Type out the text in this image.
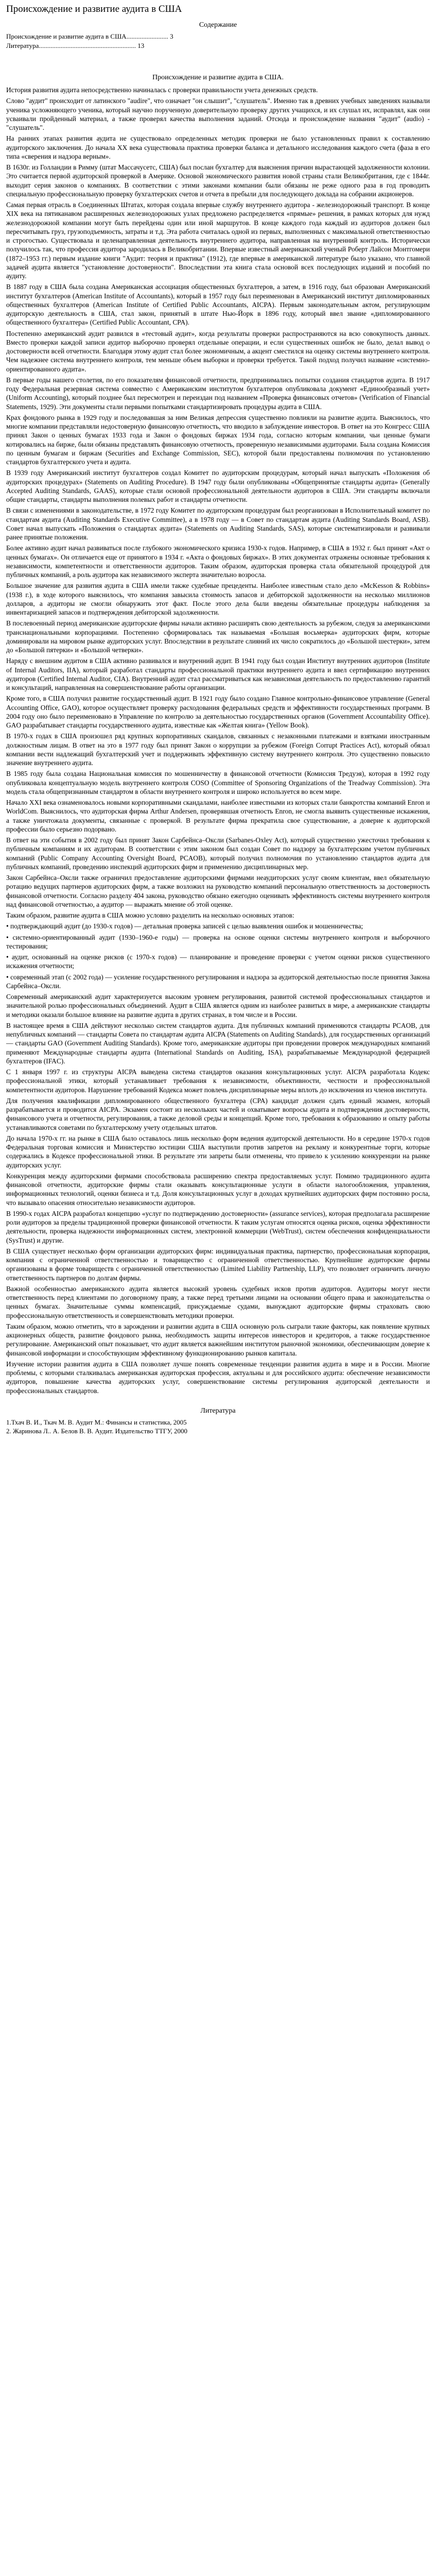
Происхождение и развитие аудита в США
Содержание
Происхождение и развитие аудита в США......................... 3
Литература.......................................................... 13
Происхождение и развитие аудита в США.

История развития аудита непосредственно начиналась с проверки правильности учета денежных средств.

Слово "аудит" происходит от латинского "audire", что означает "он слышит", "слушатель". Именно так в древних учебных заведениях называли ученика усложняющего ученика, который научно порученную доверительную проверку других учащихся, и их слушал их, исправлял, как они усваивали пройденный материал, а также проверял качества выполнения заданий. Отсюда и происхождение названия "аудит" (audio) - "слушатель".

На ранних этапах развития аудита не существовало определенных методик проверки не было установленных правил к составлению аудиторского заключения. До начала XX века существовала практика проверки баланса и детального исследования каждого счета (фаза в его типа «сверения и надзора верным».

В 1630г. из Голландии в Римму (штат Массачусетс, США) был послан бухгалтер для выяснения причин вырастающей задолженности колонии. Это считается первой аудиторской проверкой в Америке. Основой экономического развития новой страны стали Великобритания, где с 1844г. выходит серия законов о компаниях. В соответствии с этими законами компании были обязаны не реже одного раза в год проводить специальную профессиональную проверку бухгалтерских счетов и отчета в пребыли для последующего доклада на собрании акционеров.

Самая первая отрасль в Соединенных Штатах, которая создала впервые службу внутреннего аудитора - железнодорожный транспорт. В конце XIX века на пятиканавом расширенных железнодорожных узлах предложено распределяется «прямые» решения, в рамках которых для нужд железнодорожной компании могут быть перейдены один или иной маршрутов. В конце каждого года каждый из аудиторов должен был пересчитывать груз, грузоподъемность, затраты и т.д. Эта работа считалась одной из первых, выполненных с максимальной ответственностью и строгостью. Существовала и целенаправленная деятельность внутреннего аудитора, направленная на внутренний контроль. Исторически получилось так, что профессия аудитора зародилась в Великобритании. Впервые известный американский ученый Роберт Лайсон Монтгомери (1872–1953 гг.) первым издание книги "Аудит: теория и практика" (1912), где впервые в американской литературе было указано, что главной задачей аудита является "установление достоверности". Впоследствии эта книга стала основой всех последующих изданий и пособий по аудиту.

В 1887 году в США была создана Американская ассоциация общественных бухгалтеров, а затем, в 1916 году, был образован Американский институт бухгалтеров (American Institute of Accountants), который в 1957 году был переименован в Американский институт дипломированных общественных бухгалтеров (American Institute of Certified Public Accountants, AICPA). Первым законодательным актом, регулирующим аудиторскую деятельность в США, стал закон, принятый в штате Нью-Йорк в 1896 году, который ввел звание «дипломированного общественного бухгалтера» (Certified Public Accountant, CPA).

Постепенно американский аудит развился в «тестовый аудит», когда результаты проверки распространяются на всю совокупность данных. Вместо проверки каждой записи аудитор выборочно проверял отдельные операции, и если существенных ошибок не было, делал вывод о достоверности всей отчетности. Благодаря этому аудит стал более экономичным, а акцент сместился на оценку системы внутреннего контроля. Чем надежнее система внутреннего контроля, тем меньше объем выборки и проверки требуется. Такой подход получил название «системно-ориентированного аудита».

В первые годы нашего столетия, по его показателям финансовой отчетности, предпринимались попытки создания стандартов аудита. В 1917 году Федеральная резервная система совместно с Американским институтом бухгалтеров опубликовала документ «Единообразный учет» (Uniform Accounting), который позднее был пересмотрен и переиздан под названием «Проверка финансовых отчетов» (Verification of Financial Statements, 1929). Эти документы стали первыми попытками стандартизировать процедуры аудита в США.

Крах фондового рынка в 1929 году и последовавшая за ним Великая депрессия существенно повлияли на развитие аудита. Выяснилось, что многие компании представляли недостоверную финансовую отчетность, что вводило в заблуждение инвесторов. В ответ на это Конгресс США принял Закон о ценных бумагах 1933 года и Закон о фондовых биржах 1934 года, согласно которым компании, чьи ценные бумаги котировались на бирже, были обязаны представлять финансовую отчетность, проверенную независимыми аудиторами. Была создана Комиссия по ценным бумагам и биржам (Securities and Exchange Commission, SEC), которой были предоставлены полномочия по установлению стандартов бухгалтерского учета и аудита.

В 1939 году Американский институт бухгалтеров создал Комитет по аудиторским процедурам, который начал выпускать «Положения об аудиторских процедурах» (Statements on Auditing Procedure). В 1947 году были опубликованы «Общепринятые стандарты аудита» (Generally Accepted Auditing Standards, GAAS), которые стали основой профессиональной деятельности аудиторов в США. Эти стандарты включали общие стандарты, стандарты выполнения полевых работ и стандарты отчетности.

В связи с изменениями в законодательстве, в 1972 году Комитет по аудиторским процедурам был реорганизован в Исполнительный комитет по стандартам аудита (Auditing Standards Executive Committee), а в 1978 году — в Совет по стандартам аудита (Auditing Standards Board, ASB). Совет начал выпускать «Положения о стандартах аудита» (Statements on Auditing Standards, SAS), которые систематизировали и развивали ранее принятые положения.

Более активно аудит начал развиваться после глубокого экономического кризиса 1930-х годов. Например, в США в 1932 г. был принят «Акт о ценных бумагах». Он отличается еще от принятого в 1934 г. «Акта о фондовых биржах». В этих документах отражены основные требования к независимости, компетентности и ответственности аудиторов. Таким образом, аудиторская проверка стала обязательной процедурой для публичных компаний, а роль аудитора как независимого эксперта значительно возросла.

Большое значение для развития аудита в США имели также судебные прецеденты. Наиболее известным стало дело «McKesson & Robbins» (1938 г.), в ходе которого выяснилось, что компания завысила стоимость запасов и дебиторской задолженности на несколько миллионов долларов, а аудиторы не смогли обнаружить этот факт. После этого дела были введены обязательные процедуры наблюдения за инвентаризацией запасов и подтверждения дебиторской задолженности.

В послевоенный период американские аудиторские фирмы начали активно расширять свою деятельность за рубежом, следуя за американскими транснациональными корпорациями. Постепенно сформировалась так называемая «Большая восьмерка» аудиторских фирм, которые доминировали на мировом рынке аудиторских услуг. Впоследствии в результате слияний их число сократилось до «Большой шестерки», затем до «Большой пятерки» и «Большой четверки».

Наряду с внешним аудитом в США активно развивался и внутренний аудит. В 1941 году был создан Институт внутренних аудиторов (Institute of Internal Auditors, IIA), который разработал стандарты профессиональной практики внутреннего аудита и ввел сертификацию внутренних аудиторов (Certified Internal Auditor, CIA). Внутренний аудит стал рассматриваться как независимая деятельность по предоставлению гарантий и консультаций, направленная на совершенствование работы организации.

Кроме того, в США получил развитие государственный аудит. В 1921 году было создано Главное контрольно-финансовое управление (General Accounting Office, GAO), которое осуществляет проверку расходования федеральных средств и эффективности государственных программ. В 2004 году оно было переименовано в Управление по контролю за деятельностью государственных органов (Government Accountability Office). GAO разрабатывает стандарты государственного аудита, известные как «Желтая книга» (Yellow Book).

В 1970-х годах в США произошел ряд крупных корпоративных скандалов, связанных с незаконными платежами и взятками иностранным должностным лицам. В ответ на это в 1977 году был принят Закон о коррупции за рубежом (Foreign Corrupt Practices Act), который обязал компании вести надлежащий бухгалтерский учет и поддерживать эффективную систему внутреннего контроля. Это существенно повысило значение внутреннего аудита.

В 1985 году была создана Национальная комиссия по мошенничеству в финансовой отчетности (Комиссия Тредуэя), которая в 1992 году опубликовала концептуальную модель внутреннего контроля COSO (Committee of Sponsoring Organizations of the Treadway Commission). Эта модель стала общепризнанным стандартом в области внутреннего контроля и широко используется во всем мире.

Начало XXI века ознаменовалось новыми корпоративными скандалами, наиболее известными из которых стали банкротства компаний Enron и WorldCom. Выяснилось, что аудиторская фирма Arthur Andersen, проверявшая отчетность Enron, не смогла выявить существенные искажения, а также уничтожала документы, связанные с проверкой. В результате фирма прекратила свое существование, а доверие к аудиторской профессии было серьезно подорвано.

В ответ на эти события в 2002 году был принят Закон Сарбейнса–Оксли (Sarbanes-Oxley Act), который существенно ужесточил требования к публичным компаниям и их аудиторам. В соответствии с этим законом был создан Совет по надзору за бухгалтерским учетом публичных компаний (Public Company Accounting Oversight Board, PCAOB), который получил полномочия по установлению стандартов аудита для публичных компаний, проведению инспекций аудиторских фирм и применению дисциплинарных мер.

Закон Сарбейнса–Оксли также ограничил предоставление аудиторскими фирмами неаудиторских услуг своим клиентам, ввел обязательную ротацию ведущих партнеров аудиторских фирм, а также возложил на руководство компаний персональную ответственность за достоверность финансовой отчетности. Согласно разделу 404 закона, руководство обязано ежегодно оценивать эффективность системы внутреннего контроля над финансовой отчетностью, а аудитор — выражать мнение об этой оценке.

Таким образом, развитие аудита в США можно условно разделить на несколько основных этапов:

• подтверждающий аудит (до 1930-х годов) — детальная проверка записей с целью выявления ошибок и мошенничества;

• системно-ориентированный аудит (1930–1960-е годы) — проверка на основе оценки системы внутреннего контроля и выборочного тестирования;

• аудит, основанный на оценке рисков (с 1970-х годов) — планирование и проведение проверки с учетом оценки рисков существенного искажения отчетности;

• современный этап (с 2002 года) — усиление государственного регулирования и надзора за аудиторской деятельностью после принятия Закона Сарбейнса–Оксли.

Современный американский аудит характеризуется высоким уровнем регулирования, развитой системой профессиональных стандартов и значительной ролью профессиональных объединений. Аудит в США является одним из наиболее развитых в мире, а американские стандарты и методики оказали большое влияние на развитие аудита в других странах, в том числе и в России.

В настоящее время в США действуют несколько систем стандартов аудита. Для публичных компаний применяются стандарты PCAOB, для непубличных компаний — стандарты Совета по стандартам аудита AICPA (Statements on Auditing Standards), для государственных организаций — стандарты GAO (Government Auditing Standards). Кроме того, американские аудиторы при проведении проверок международных компаний применяют Международные стандарты аудита (International Standards on Auditing, ISA), разрабатываемые Международной федерацией бухгалтеров (IFAC).

С 1 января 1997 г. из структуры АIСРА выведена система стандартов оказания консультационных услуг. AICPA разработала Кодекс профессиональной этики, который устанавливает требования к независимости, объективности, честности и профессиональной компетентности аудиторов. Нарушение требований Кодекса может повлечь дисциплинарные меры вплоть до исключения из членов института.

Для получения квалификации дипломированного общественного бухгалтера (CPA) кандидат должен сдать единый экзамен, который разрабатывается и проводится AICPA. Экзамен состоит из нескольких частей и охватывает вопросы аудита и подтверждения достоверности, финансового учета и отчетности, регулирования, а также деловой среды и концепций. Кроме того, требования к образованию и опыту работы устанавливаются советами по бухгалтерскому учету отдельных штатов.

До начала 1970-х гг. на рынке в США было оставалось лишь несколько форм ведения аудиторской деятельности. Но в середине 1970-х годов Федеральная торговая комиссия и Министерство юстиции США выступили против запретов на рекламу и конкурентные торги, которые содержались в Кодексе профессиональной этики. В результате эти запреты были отменены, что привело к усилению конкуренции на рынке аудиторских услуг.

Конкуренция между аудиторскими фирмами способствовала расширению спектра предоставляемых услуг. Помимо традиционного аудита финансовой отчетности, аудиторские фирмы стали оказывать консультационные услуги в области налогообложения, управления, информационных технологий, оценки бизнеса и т.д. Доля консультационных услуг в доходах крупнейших аудиторских фирм постоянно росла, что вызывало опасения относительно независимости аудиторов.

В 1990-х годах AICPA разработал концепцию «услуг по подтверждению достоверности» (assurance services), которая предполагала расширение роли аудиторов за пределы традиционной проверки финансовой отчетности. К таким услугам относятся оценка рисков, оценка эффективности деятельности, проверка надежности информационных систем, электронной коммерции (WebTrust), систем обеспечения конфиденциальности (SysTrust) и другие.

В США существует несколько форм организации аудиторских фирм: индивидуальная практика, партнерство, профессиональная корпорация, компания с ограниченной ответственностью и товарищество с ограниченной ответственностью. Крупнейшие аудиторские фирмы организованы в форме товариществ с ограниченной ответственностью (Limited Liability Partnership, LLP), что позволяет ограничить личную ответственность партнеров по долгам фирмы.

Важной особенностью американского аудита является высокий уровень судебных исков против аудиторов. Аудиторы могут нести ответственность перед клиентами по договорному праву, а также перед третьими лицами на основании общего права и законодательства о ценных бумагах. Значительные суммы компенсаций, присуждаемые судами, вынуждают аудиторские фирмы страховать свою профессиональную ответственность и совершенствовать методики проверки.

Таким образом, можно отметить, что в зарождении и развитии аудита в США основную роль сыграли такие факторы, как появление крупных акционерных обществ, развитие фондового рынка, необходимость защиты интересов инвесторов и кредиторов, а также государственное регулирование. Американский опыт показывает, что аудит является важнейшим институтом рыночной экономики, обеспечивающим доверие к финансовой информации и способствующим эффективному функционированию рынков капитала.

Изучение истории развития аудита в США позволяет лучше понять современные тенденции развития аудита в мире и в России. Многие проблемы, с которыми сталкивалась американская аудиторская профессия, актуальны и для российского аудита: обеспечение независимости аудиторов, повышение качества аудиторских услуг, совершенствование системы регулирования аудиторской деятельности и профессиональных стандартов.

Литература

1.Тхач В. И., Ткач М. В. Аудит М.: Финансы и статистика, 2005

2. Жаринова Л.. А. Белов В. В. Аудит. Издательство ТТГУ, 2000
